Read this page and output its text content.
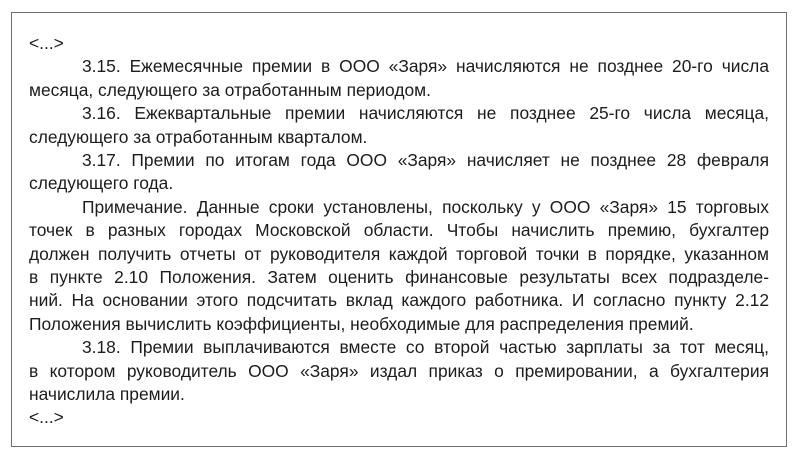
<...>

3.15. Ежемесячные премии в ООО «Заря» начисляются не позднее 20-го числа
месяца, следующего за отработанным периодом.

3.16. Ежеквартальные премии начисляются не позднее 25-го числа месяца,
следующего за отработанным кварталом.

3.17. Премии по итогам года ООО «Заря» начисляет не позднее 28 февраля
следующего года.

Примечание. Данные сроки установлены, поскольку у ООО «Заря» 15 торговых
точек в разных городах Московской области. Чтобы начислить премию, бухгалтер
должен получить отчеты от руководителя каждой торговой точки в порядке, указанном
в пункте 2.10 Положения. Затем оценить финансовые результаты всех подразделе-
ний. На основании этого подсчитать вклад каждого работника. И согласно пункту 2.12
Положения вычислить коэффициенты, необходимые для распределения премий.

3.18. Премии выплачиваются вместе со второй частью зарплаты за тот месяц,
в котором руководитель ООО «Заря» издал приказ о премировании, а бухгалтерия
начислила премии.

<...>
